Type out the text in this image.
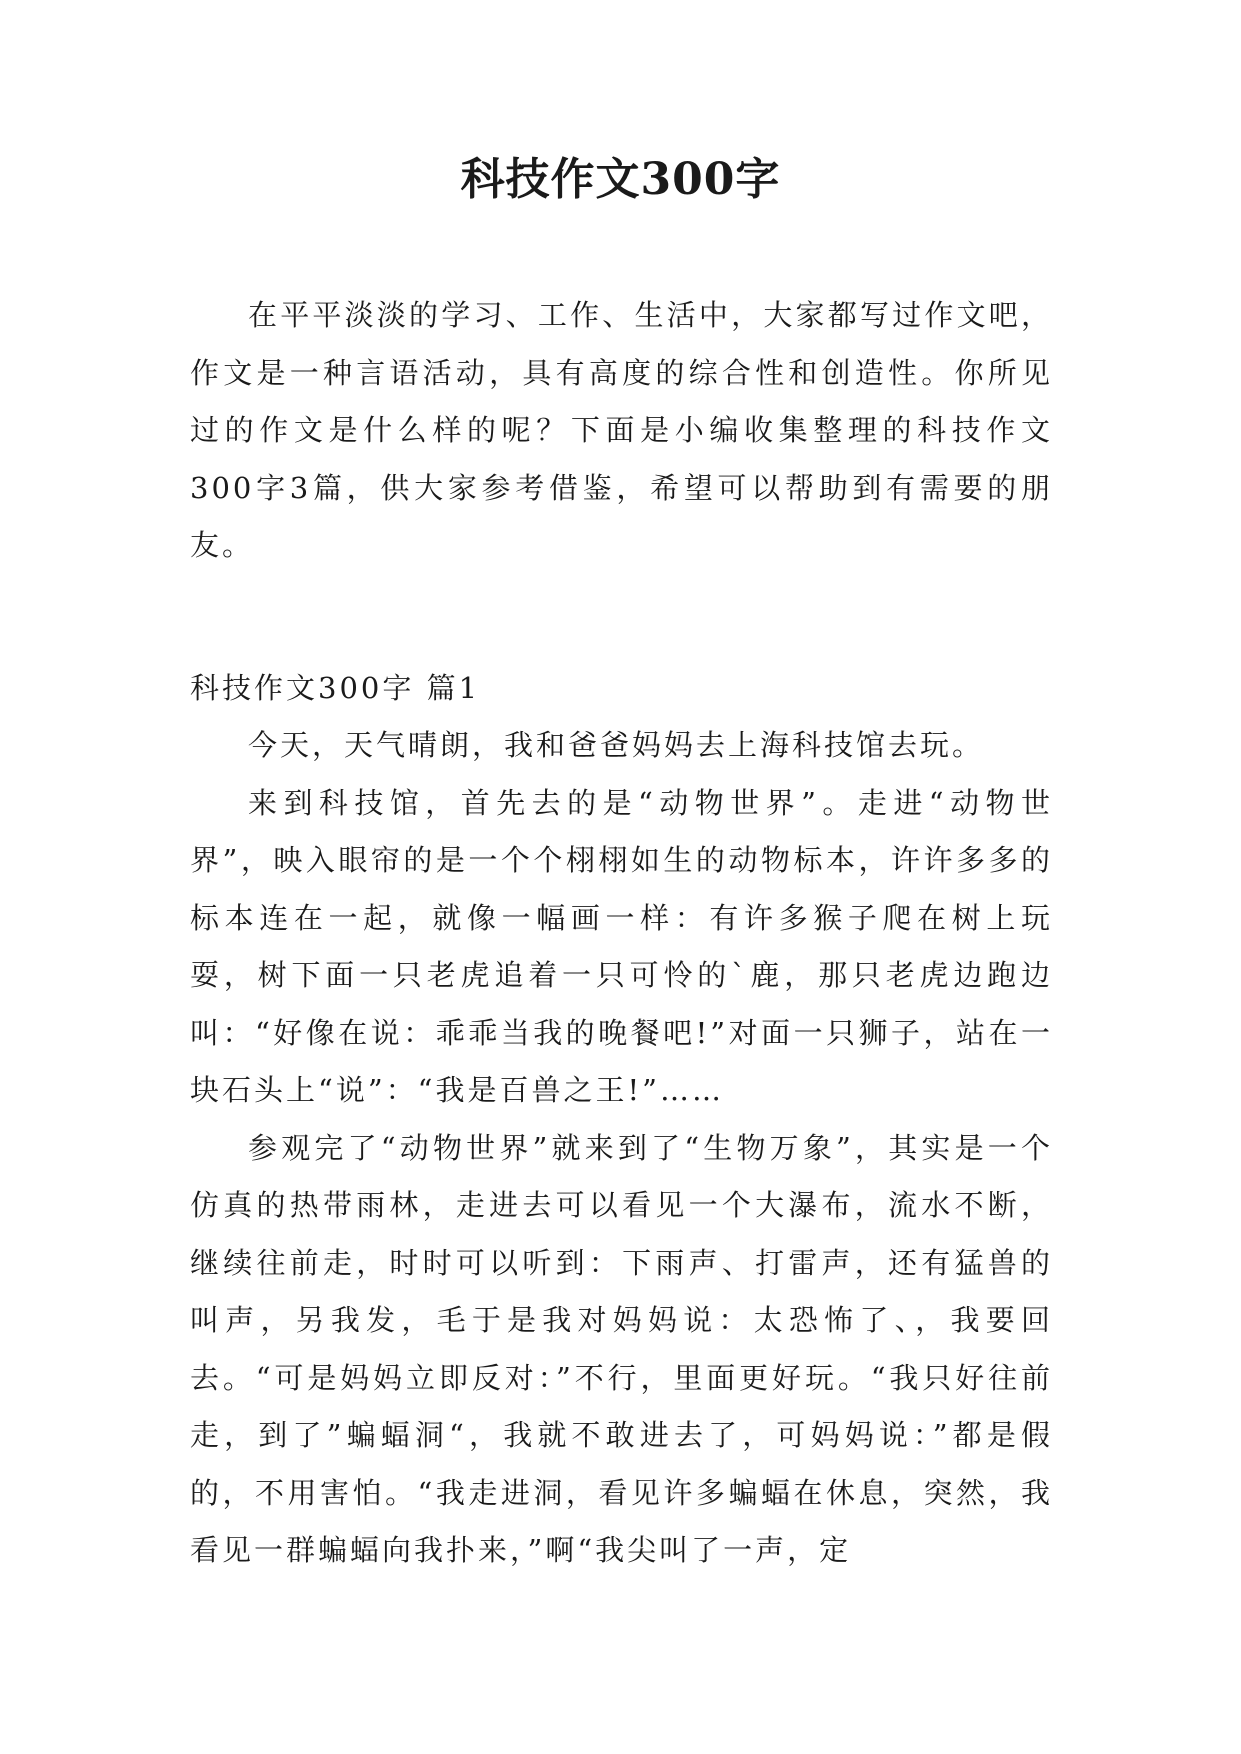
科技作文300字

在平平淡淡的学习、工作、生活中，大家都写过作文吧，作文是一种言语活动，具有高度的综合性和创造性。你所见过的作文是什么样的呢？下面是小编收集整理的科技作文300字3篇，供大家参考借鉴，希望可以帮助到有需要的朋友。

科技作文300字 篇1

今天，天气晴朗，我和爸爸妈妈去上海科技馆去玩。

来到科技馆，首先去的是“动物世界”。走进“动物世界”，映入眼帘的是一个个栩栩如生的动物标本，许许多多的标本连在一起，就像一幅画一样：有许多猴子爬在树上玩耍，树下面一只老虎追着一只可怜的`鹿，那只老虎边跑边叫：“好像在说：乖乖当我的晚餐吧!”对面一只狮子，站在一块石头上“说”：“我是百兽之王!”……

参观完了“动物世界”就来到了“生物万象”，其实是一个仿真的热带雨林，走进去可以看见一个大瀑布，流水不断，继续往前走，时时可以听到：下雨声、打雷声，还有猛兽的叫声，另我发，毛于是我对妈妈说：太恐怖了、，我要回去。“可是妈妈立即反对：”不行，里面更好玩。“我只好往前走，到了”蝙蝠洞“，我就不敢进去了，可妈妈说：”都是假的，不用害怕。“我走进洞，看见许多蝙蝠在休息，突然，我看见一群蝙蝠向我扑来，”啊“我尖叫了一声，定
